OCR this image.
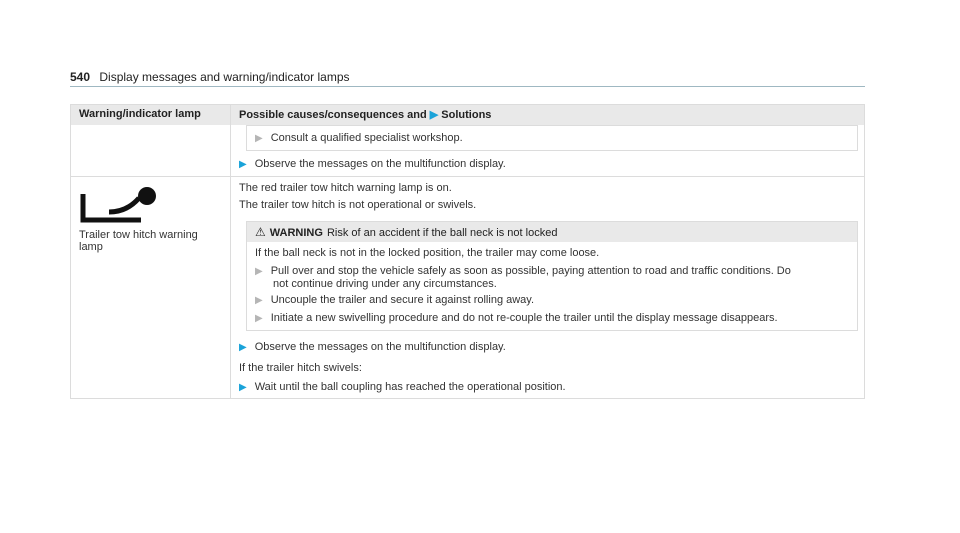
540 Display messages and warning/indicator lamps
Warning/indicator lamp	Possible causes/consequences and ▶ Solutions
▶ Consult a qualified specialist workshop.
▶ Observe the messages on the multifunction display.
Trailer tow hitch warning
lamp
The red trailer tow hitch warning lamp is on.
The trailer tow hitch is not operational or swivels.
⚠ WARNING Risk of an accident if the ball neck is not locked
If the ball neck is not in the locked position, the trailer may come loose.
▶ Pull over and stop the vehicle safely as soon as possible, paying attention to road and traffic conditions. Do
not continue driving under any circumstances.
▶ Uncouple the trailer and secure it against rolling away.
▶ Initiate a new swivelling procedure and do not re-couple the trailer until the display message disappears.
▶ Observe the messages on the multifunction display.
If the trailer hitch swivels:
▶ Wait until the ball coupling has reached the operational position.
